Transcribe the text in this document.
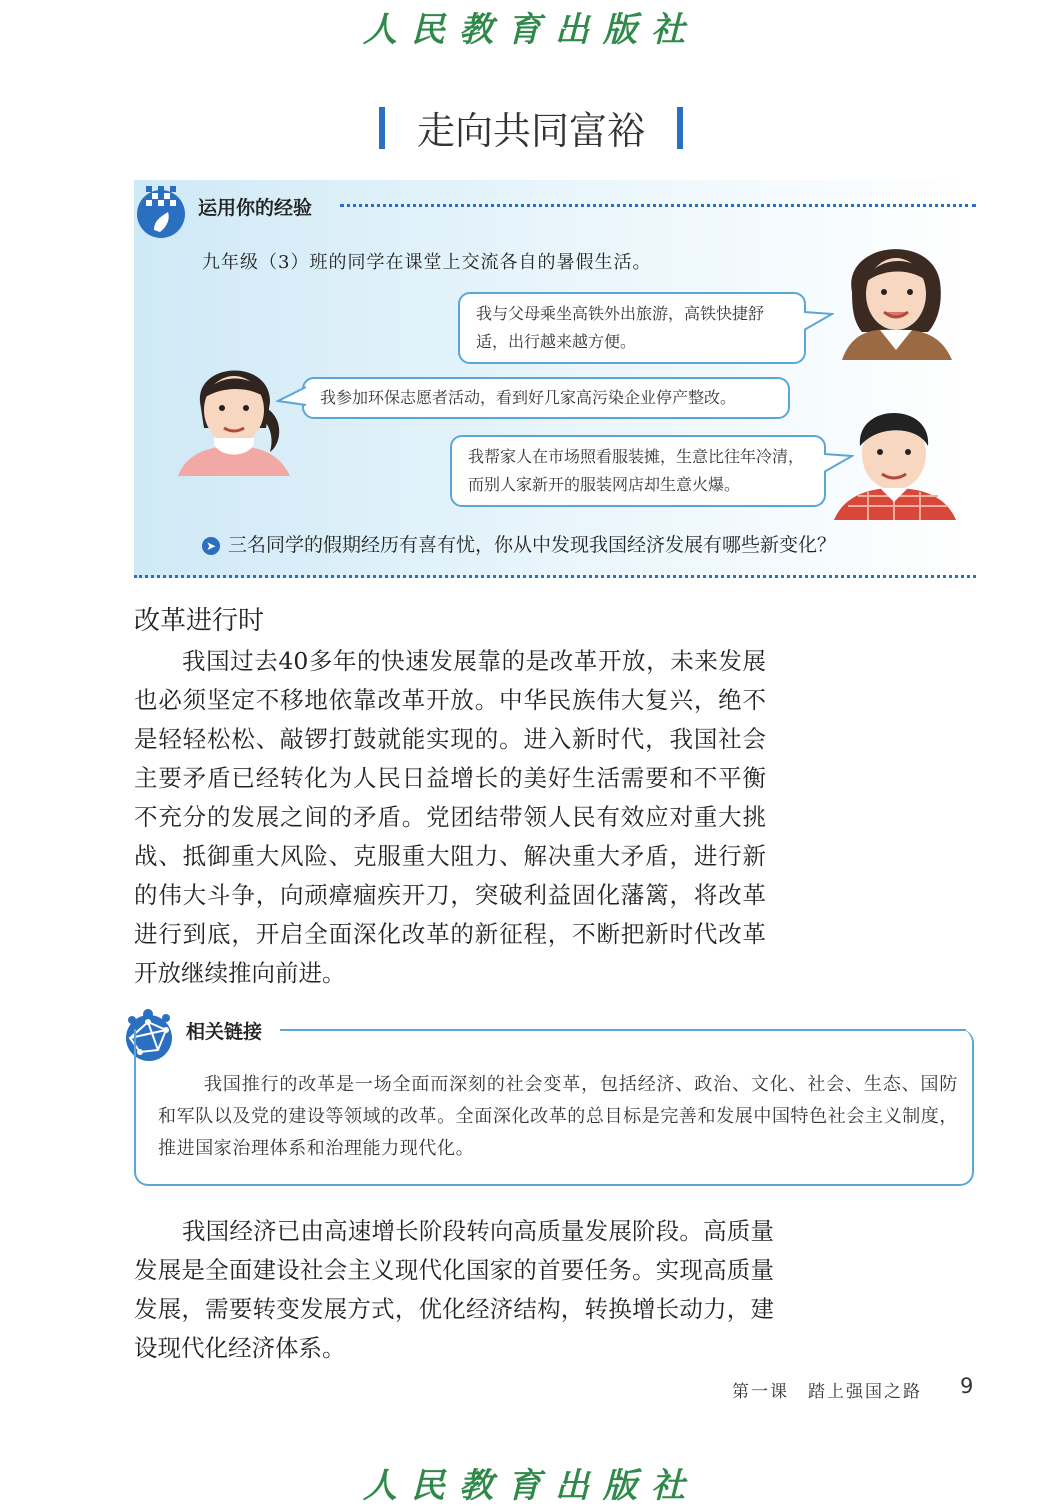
人民教育出版社
走向共同富裕
运用你的经验
九年级（3）班的同学在课堂上交流各自的暑假生活。
我与父母乘坐高铁外出旅游，高铁快捷舒适，出行越来越方便。
我参加环保志愿者活动，看到好几家高污染企业停产整改。
我帮家人在市场照看服装摊，生意比往年冷清，而别人家新开的服装网店却生意火爆。
➤ 三名同学的假期经历有喜有忧，你从中发现我国经济发展有哪些新变化？
改革进行时
我国过去40多年的快速发展靠的是改革开放，未来发展也必须坚定不移地依靠改革开放。中华民族伟大复兴，绝不是轻轻松松、敲锣打鼓就能实现的。进入新时代，我国社会主要矛盾已经转化为人民日益增长的美好生活需要和不平衡不充分的发展之间的矛盾。党团结带领人民有效应对重大挑战、抵御重大风险、克服重大阻力、解决重大矛盾，进行新的伟大斗争，向顽瘴痼疾开刀，突破利益固化藩篱，将改革进行到底，开启全面深化改革的新征程，不断把新时代改革开放继续推向前进。
相关链接
我国推行的改革是一场全面而深刻的社会变革，包括经济、政治、文化、社会、生态、国防和军队以及党的建设等领域的改革。全面深化改革的总目标是完善和发展中国特色社会主义制度，推进国家治理体系和治理能力现代化。
我国经济已由高速增长阶段转向高质量发展阶段。高质量发展是全面建设社会主义现代化国家的首要任务。实现高质量发展，需要转变发展方式，优化经济结构，转换增长动力，建设现代化经济体系。
第一课　踏上强国之路 9
人民教育出版社
